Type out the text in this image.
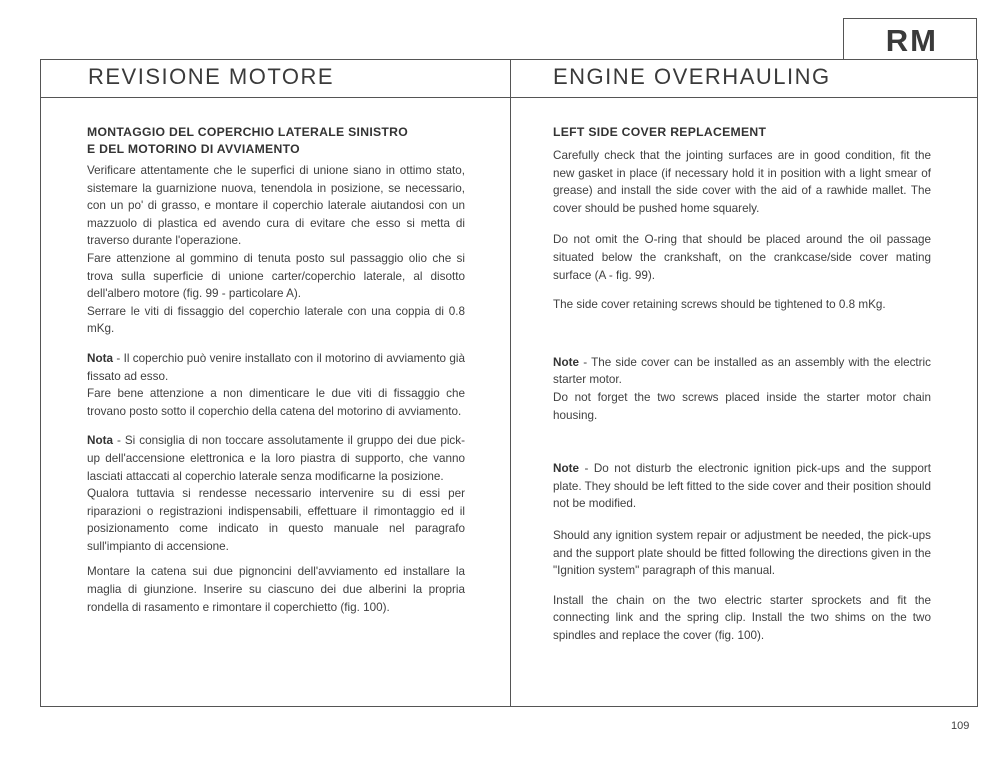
RM
REVISIONE MOTORE	ENGINE OVERHAULING

MONTAGGIO DEL COPERCHIO LATERALE SINISTRO

E DEL MOTORINO DI AVVIAMENTO

Verificare attentamente che le superfici di unione siano in ottimo stato, sistemare la guarnizione nuova, tenendola in posizione, se necessario, con un po' di grasso, e montare il coperchio laterale aiutandosi con un mazzuolo di plastica ed avendo cura di evitare che esso si metta di traverso durante l'operazione.

Fare attenzione al gommino di tenuta posto sul passaggio olio che si trova sulla superficie di unione carter/coperchio laterale, al disotto dell'albero motore (fig. 99 - particolare A).

Serrare le viti di fissaggio del coperchio laterale con una coppia di 0.8 mKg.

Nota - Il coperchio può venire installato con il motorino di avviamento già fissato ad esso.

Fare bene attenzione a non dimenticare le due viti di fissaggio che trovano posto sotto il coperchio della catena del motorino di avviamento.

Nota - Si consiglia di non toccare assolutamente il gruppo dei due pick-up dell'accensione elettronica e la loro piastra di supporto, che vanno lasciati attaccati al coperchio laterale senza modificarne la posizione.

Qualora tuttavia si rendesse necessario intervenire su di essi per riparazioni o registrazioni indispensabili, effettuare il rimontaggio ed il posizionamento come indicato in questo manuale nel paragrafo sull'impianto di accensione.

Montare la catena sui due pignoncini dell'avviamento ed installare la maglia di giunzione. Inserire su ciascuno dei due alberini la propria rondella di rasamento e rimontare il coperchietto (fig. 100).

LEFT SIDE COVER REPLACEMENT

Carefully check that the jointing surfaces are in good condition, fit the new gasket in place (if necessary hold it in position with a light smear of grease) and install the side cover with the aid of a rawhide mallet. The cover should be pushed home squarely.

Do not omit the O-ring that should be placed around the oil passage situated below the crankshaft, on the crankcase/side cover mating surface (A - fig. 99).

The side cover retaining screws should be tightened to 0.8 mKg.

Note - The side cover can be installed as an assembly with the electric starter motor.

Do not forget the two screws placed inside the starter motor chain housing.

Note - Do not disturb the electronic ignition pick-ups and the support plate. They should be left fitted to the side cover and their position should not be modified.

Should any ignition system repair or adjustment be needed, the pick-ups and the support plate should be fitted following the directions given in the "Ignition system" paragraph of this manual.

Install the chain on the two electric starter sprockets and fit the connecting link and the spring clip. Install the two shims on the two spindles and replace the cover (fig. 100).

109
